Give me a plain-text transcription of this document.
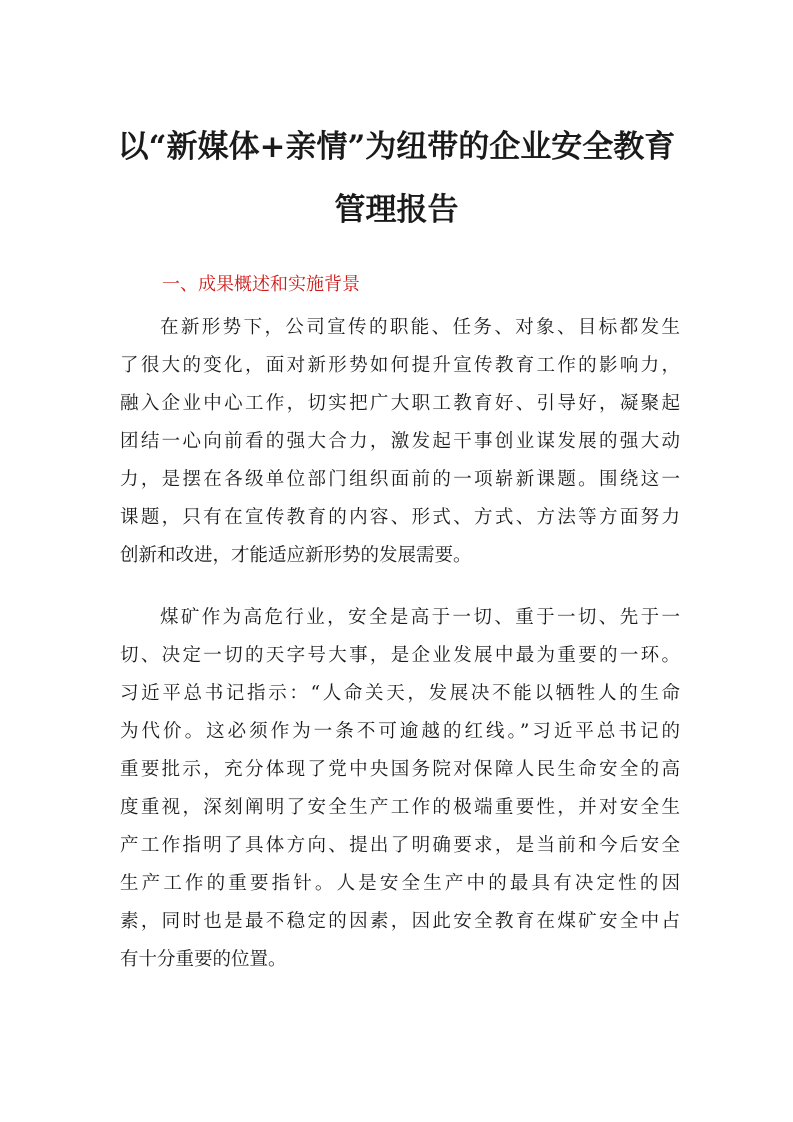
以“新媒体+亲情”为纽带的企业安全教育
管理报告
一、成果概述和实施背景
在新形势下，公司宣传的职能、任务、对象、目标都发生
了很大的变化，面对新形势如何提升宣传教育工作的影响力，
融入企业中心工作，切实把广大职工教育好、引导好，凝聚起
团结一心向前看的强大合力，激发起干事创业谋发展的强大动
力，是摆在各级单位部门组织面前的一项崭新课题。围绕这一
课题，只有在宣传教育的内容、形式、方式、方法等方面努力
创新和改进，才能适应新形势的发展需要。
煤矿作为高危行业，安全是高于一切、重于一切、先于一
切、决定一切的天字号大事，是企业发展中最为重要的一环。
习近平总书记指示：“人命关天，发展决不能以牺牲人的生命
为代价。这必须作为一条不可逾越的红线。”习近平总书记的
重要批示，充分体现了党中央国务院对保障人民生命安全的高
度重视，深刻阐明了安全生产工作的极端重要性，并对安全生
产工作指明了具体方向、提出了明确要求，是当前和今后安全
生产工作的重要指针。人是安全生产中的最具有决定性的因
素，同时也是最不稳定的因素，因此安全教育在煤矿安全中占
有十分重要的位置。
